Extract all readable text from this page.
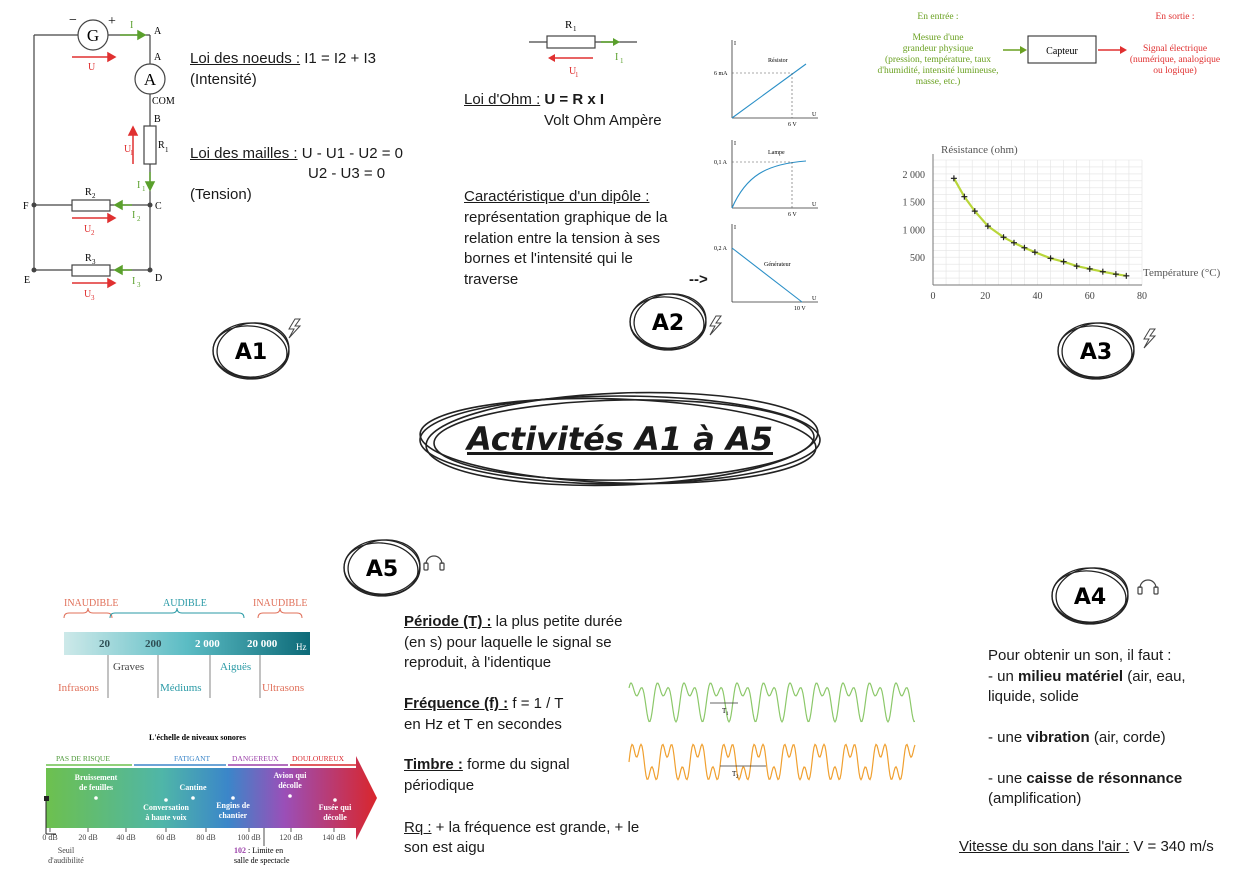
G
− +
A
A
A
COM
B
C
D
E
F
R 1
R 2
R 3
I
I 1
I 2
I 3
U
U
1
U 2
U 3
Loi des noeuds : I1 = I2 + I3
(Intensité)
Loi des mailles : U - U1 - U2 = 0
U2 - U3 = 0
(Tension)
A1
R 1
I 1
U
1
Loi d'Ohm : U = R x I
Volt Ohm Ampère
Caractéristique d'un dipôle :
représentation graphique de la
relation entre la tension à ses
bornes et l'intensité qui le
traverse	-->
I
Résistor
6 mA
6 V
U
I
Lampe
0,1 A
6 V
U
I
Générateur
0,2 A
10 V
U
A2
En entrée :
Mesure d'une
grandeur physique
(pression, température, taux
d'humidité, intensité lumineuse,
masse, etc.)
En sortie :
Signal électrique
(numérique, analogique
ou logique)
Capteur
Résistance (ohm)
Température (°C)
0	20	40	60	80
500
1 000
1 500
2 000
A3
Activités A1 à A5
A5
INAUDIBLE	AUDIBLE	INAUDIBLE
20	200	2 000 20 000 Hz
Graves	Aiguës
Infrasons	Médiums	Ultrasons
L'échelle de niveaux sonores
PAS DE RISQUE	FATIGANT	DANGEREUX DOULOUREUX
Bruissement
de feuilles	Cantine
Conversation
à haute voix
Engins de
chantier
Avion qui
décolle
Fusée qui
décolle
0 dB	20 dB 40 dB	60 dB	80 dB	100 dB 120 dB 140 dB
Seuil
d'audibilité
102 : Limite en
salle de spectacle
Période (T) : la plus petite durée
(en s) pour laquelle le signal se
reproduit, à l'identique
Fréquence (f) : f = 1 / T
en Hz et T en secondes
Timbre : forme du signal
périodique
Rq : + la fréquence est grande, + le
son est aigu
T 1
T 2
A4
Pour obtenir un son, il faut :
- un milieu matériel (air, eau,
liquide, solide
- une vibration (air, corde)
- une caisse de résonnance
(amplification)
Vitesse du son dans l'air : V = 340 m/s
